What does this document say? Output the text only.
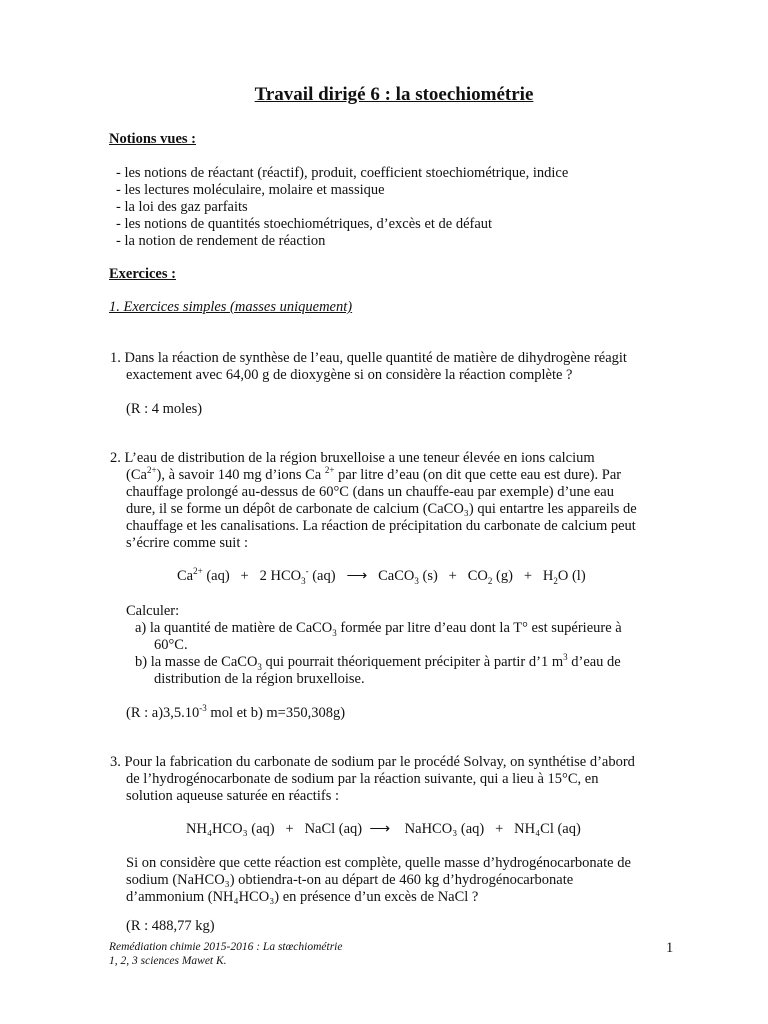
Travail dirigé 6 : la stoechiométrie
Notions vues :
- les notions de réactant (réactif), produit, coefficient stoechiométrique, indice
- les lectures moléculaire, molaire et massique
- la loi des gaz parfaits
- les notions de quantités stoechiométriques, d’excès et de défaut
- la notion de rendement de réaction
Exercices :
1. Exercices simples (masses uniquement)
1. Dans la réaction de synthèse de l’eau, quelle quantité de matière de dihydrogène réagit
exactement avec 64,00 g de dioxygène si on considère la réaction complète ?
(R : 4 moles)
2. L’eau de distribution de la région bruxelloise a une teneur élevée en ions calcium
$(Ca^{2+})$, à savoir 140 mg d’ions Ca $^{2+}$ par litre d’eau (on dit que cette eau est dure). Par
chauffage prolongé au-dessus de 60°C (dans un chauffe-eau par exemple) d’une eau
dure, il se forme un dépôt de carbonate de calcium (CaCO₃) qui entartre les appareils de
chauffage et les canalisations. La réaction de précipitation du carbonate de calcium peut
s’écrire comme suit :
$Ca^{2+}$ (aq) + 2 $HCO_3^-$ (aq) ⟶ CaCO$_3$ $(s) + CO_2$ $(g) + H_2O$ (l)
Calculer:
a) la quantité de matière de CaCO$_3$ formée par litre d’eau dont la T° est supérieure à
60°C.
b) la masse de CaCO$_3$ qui pourrait théoriquement précipiter à partir d’1 $m^3$ d’eau de
distribution de la région bruxelloise.
(R : $a)3,5.10^{-3}$ mol et b) m=350,308g)
3. Pour la fabrication du carbonate de sodium par le procédé Solvay, on synthétise d’abord
de l’hydrogénocarbonate de sodium par la réaction suivante, qui a lieu à 15°C, en
solution aqueuse saturée en réactifs :
NH₄HCO₃ (aq)   +   NaCl (aq)  ⟶    NaHCO₃ (aq)   +   NH₄Cl (aq)
Si on considère que cette réaction est complète, quelle masse d’hydrogénocarbonate de
sodium (NaHCO₃) obtiendra-t-on au départ de 460 kg d’hydrogénocarbonate
d’ammonium (NH₄HCO₃) en présence d’un excès de NaCl ?
(R : 488,77 kg)
Remédiation chimie 2015-2016 : La stœchiométrie
1, 2, 3 sciences Mawet K.
1
